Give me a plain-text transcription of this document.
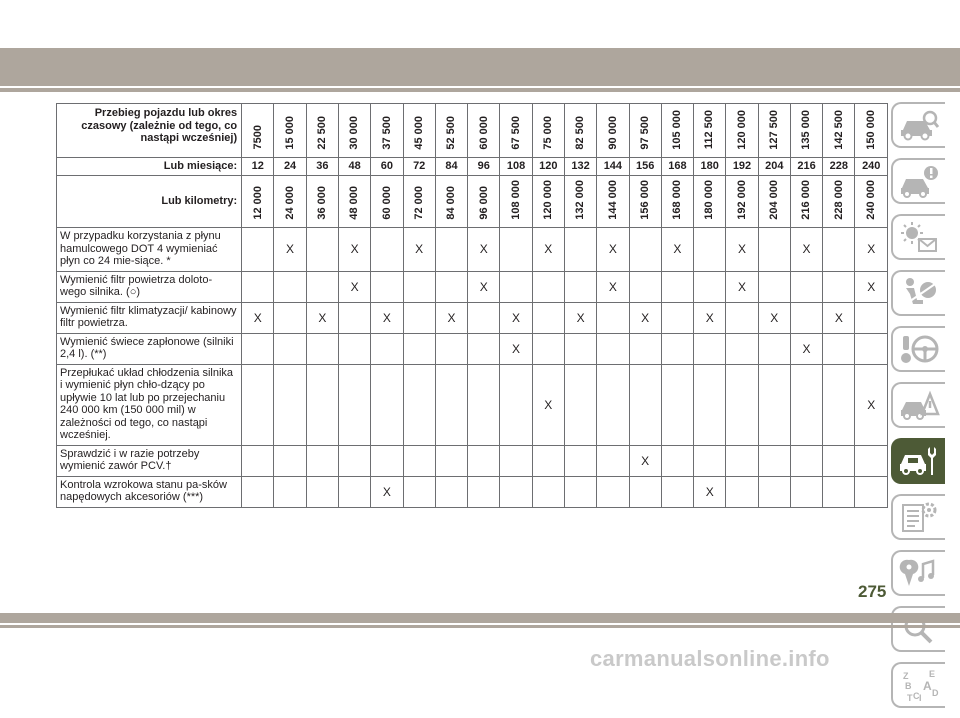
Przebieg pojazdu lub okres czasowy (zależnie od tego, co nastąpi wcześniej)	7500	15 000	22 500	30 000	37 500	45 000	52 500	60 000	67 500	75 000	82 500	90 000	97 500	105 000	112 500	120 000	127 500	135 000	142 500	150 000
Lub miesiące:	12	24	36	48	60	72	84	96	108	120	132	144	156	168	180	192	204	216	228	240
Lub kilometry:	12 000	24 000	36 000	48 000	60 000	72 000	84 000	96 000	108 000	120 000	132 000	144 000	156 000	168 000	180 000	192 000	204 000	216 000	228 000	240 000
W przypadku korzystania z płynu hamulcowego DOT 4 wymieniać płyn co 24 mie-siące. *		X		X		X		X		X		X		X		X		X		X
Wymienić filtr powietrza doloto-wego silnika. (○)				X				X				X				X				X
Wymienić filtr klimatyzacji/ kabinowy filtr powietrza.	X		X		X		X		X		X		X		X		X		X	
Wymienić świece zapłonowe (silniki 2,4 l). (**)									X									X		
Przepłukać układ chłodzenia silnika i wymienić płyn chło-dzący po upływie 10 lat lub po przejechaniu 240 000 km (150 000 mil) w zależności od tego, co nastąpi wcześniej.										X										X
Sprawdzić i w razie potrzeby wymienić zawór PCV.†													X							
Kontrola wzrokowa stanu pa-sków napędowych akcesoriów (***)					X										X					
Z E
B A
C D
I
T
275
carmanualsonline.info
